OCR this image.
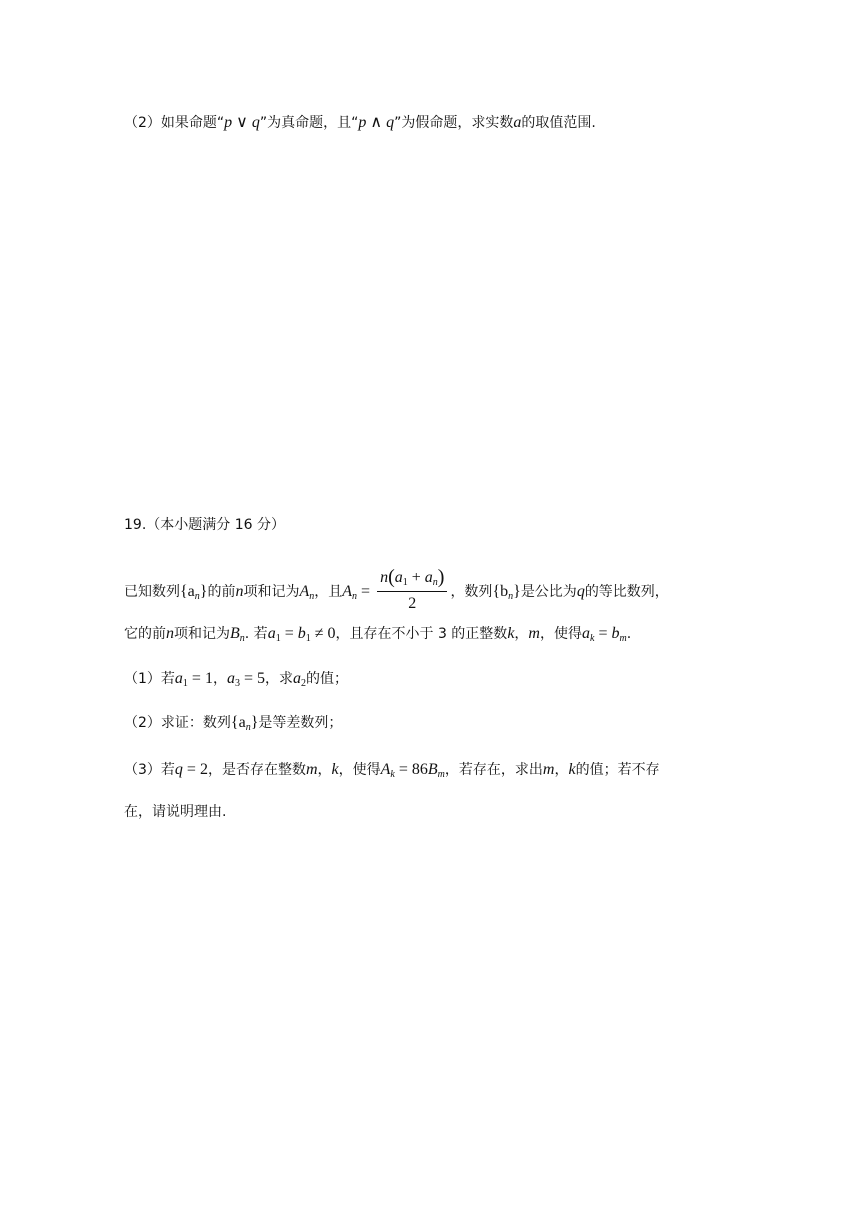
（2）如果命题“p ∨ q”为真命题，且“p ∧ q”为假命题，求实数a的取值范围.
19.（本小题满分 16 分）
已知数列$\{a_n\}$的前n项和记为$A_n$，且$A_n = \frac{n(a_1 + a_n)}{2}$ ，数列$\{b_n\}$是公比为q的等比数列，
它的前n项和记为$B_n$. 若$a_1 = b_1 \ne 0$，且存在不小于 3 的正整数k，m，使得$a_k = b_m$.
（1）若$a_1 = 1$，$a_3 = 5$，求$a_2$的值；
（2）求证：数列$\{a_n\}$是等差数列；
（3）若q = 2，是否存在整数m，k，使得$A_k = 86B_m$，若存在，求出m，k的值；若不存
在，请说明理由.
